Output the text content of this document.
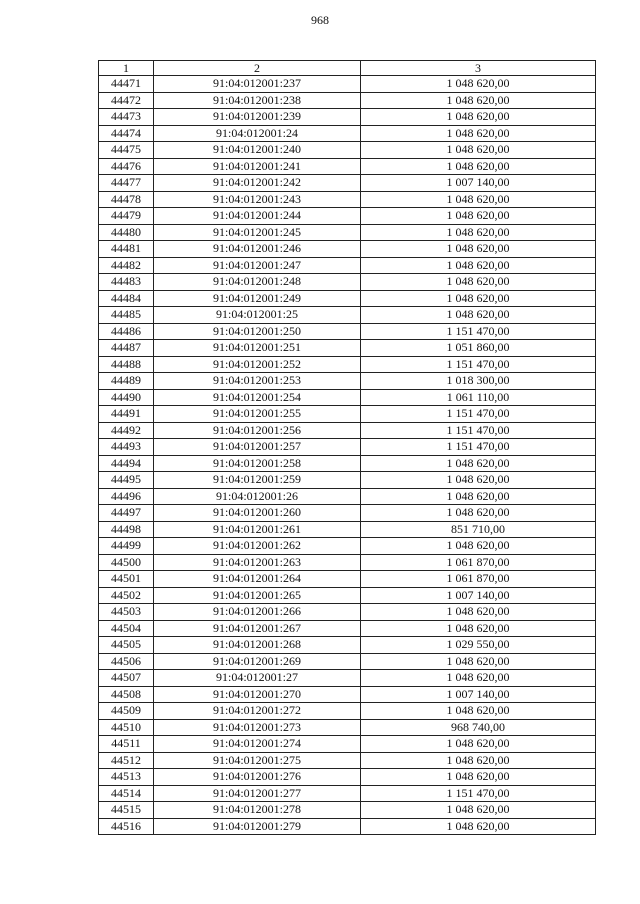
968
1	2	3
44471	91:04:012001:237	1 048 620,00
44472	91:04:012001:238	1 048 620,00
44473	91:04:012001:239	1 048 620,00
44474	91:04:012001:24	1 048 620,00
44475	91:04:012001:240	1 048 620,00
44476	91:04:012001:241	1 048 620,00
44477	91:04:012001:242	1 007 140,00
44478	91:04:012001:243	1 048 620,00
44479	91:04:012001:244	1 048 620,00
44480	91:04:012001:245	1 048 620,00
44481	91:04:012001:246	1 048 620,00
44482	91:04:012001:247	1 048 620,00
44483	91:04:012001:248	1 048 620,00
44484	91:04:012001:249	1 048 620,00
44485	91:04:012001:25	1 048 620,00
44486	91:04:012001:250	1 151 470,00
44487	91:04:012001:251	1 051 860,00
44488	91:04:012001:252	1 151 470,00
44489	91:04:012001:253	1 018 300,00
44490	91:04:012001:254	1 061 110,00
44491	91:04:012001:255	1 151 470,00
44492	91:04:012001:256	1 151 470,00
44493	91:04:012001:257	1 151 470,00
44494	91:04:012001:258	1 048 620,00
44495	91:04:012001:259	1 048 620,00
44496	91:04:012001:26	1 048 620,00
44497	91:04:012001:260	1 048 620,00
44498	91:04:012001:261	851 710,00
44499	91:04:012001:262	1 048 620,00
44500	91:04:012001:263	1 061 870,00
44501	91:04:012001:264	1 061 870,00
44502	91:04:012001:265	1 007 140,00
44503	91:04:012001:266	1 048 620,00
44504	91:04:012001:267	1 048 620,00
44505	91:04:012001:268	1 029 550,00
44506	91:04:012001:269	1 048 620,00
44507	91:04:012001:27	1 048 620,00
44508	91:04:012001:270	1 007 140,00
44509	91:04:012001:272	1 048 620,00
44510	91:04:012001:273	968 740,00
44511	91:04:012001:274	1 048 620,00
44512	91:04:012001:275	1 048 620,00
44513	91:04:012001:276	1 048 620,00
44514	91:04:012001:277	1 151 470,00
44515	91:04:012001:278	1 048 620,00
44516	91:04:012001:279	1 048 620,00
